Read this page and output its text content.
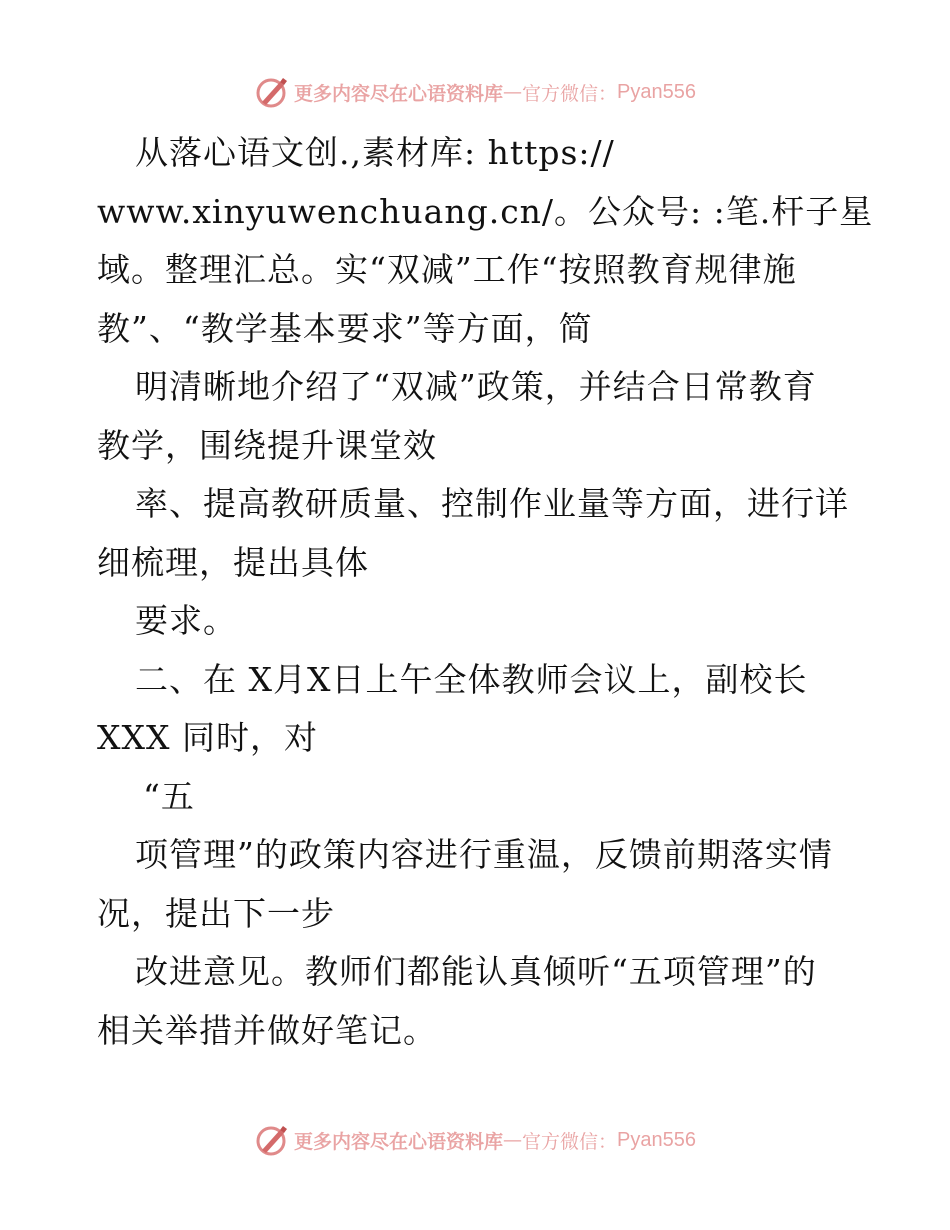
更多内容尽在心语资料库 — 官方微信： Pyan556
从落心语文创.,素材库: https://
www.xinyuwenchuang.cn/。公众号: :笔.杆子星
域。整理汇总。实“双减”工作“按照教育规律施
教”、“教学基本要求”等方面，简
明清晰地介绍了“双减”政策，并结合日常教育
教学，围绕提升课堂效
率、提高教研质量、控制作业量等方面，进行详
细梳理，提出具体
要求。
二、在 X月X日上午全体教师会议上，副校长
XXX 同时，对
“五
项管理”的政策内容进行重温，反馈前期落实情
况，提出下一步
改进意见。教师们都能认真倾听“五项管理”的
相关举措并做好笔记。
更多内容尽在心语资料库 — 官方微信： Pyan556
